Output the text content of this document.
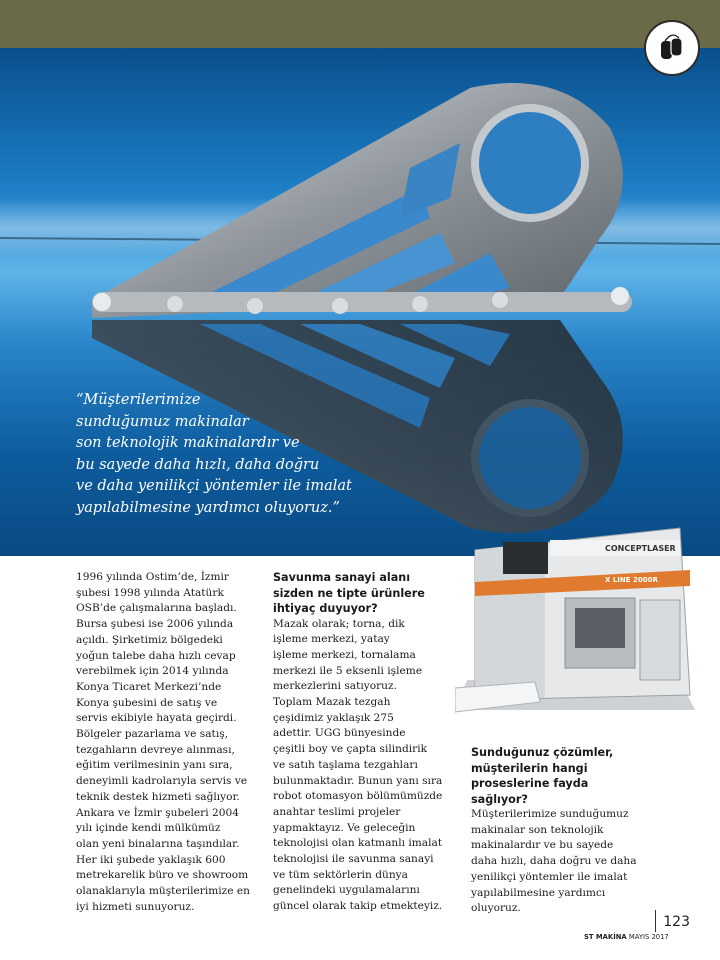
“Müşterilerimize
sunduğumuz makinalar
son teknolojik makinalardır ve
bu sayede daha hızlı, daha doğru
ve daha yenilikçi yöntemler ile imalat
yapılabilmesine yardımcı oluyoruz.”
1996 yılında Ostim’de, İzmir
şubesi 1998 yılında Atatürk
OSB’de çalışmalarına başladı.
Bursa şubesi ise 2006 yılında
açıldı. Şirketimiz bölgedeki
yoğun talebe daha hızlı cevap
verebilmek için 2014 yılında
Konya Ticaret Merkezi’nde
Konya şubesini de satış ve
servis ekibiyle hayata geçirdi.
Bölgeler pazarlama ve satış,
tezgahların devreye alınması,
eğitim verilmesinin yanı sıra,
deneyimli kadrolarıyla servis ve
teknik destek hizmeti sağlıyor.
Ankara ve İzmir şubeleri 2004
yılı içinde kendi mülkümüz
olan yeni binalarına taşındılar.
Her iki şubede yaklaşık 600
metrekarelik büro ve showroom
olanaklarıyla müşterilerimize en
iyi hizmeti sunuyoruz.
Savunma sanayi alanı
sizden ne tipte ürünlere
ihtiyaç duyuyor?
Mazak olarak; torna, dik
işleme merkezi, yatay
işleme merkezi, tornalama
merkezi ile 5 eksenli işleme
merkezlerini satıyoruz.
Toplam Mazak tezgah
çeşidimiz yaklaşık 275
adettir. UGG bünyesinde
çeşitli boy ve çapta silindirik
ve satıh taşlama tezgahları
bulunmaktadır. Bunun yanı sıra
robot otomasyon bölümümüzde
anahtar teslimi projeler
yapmaktayız. Ve geleceğin
teknolojisi olan katmanlı imalat
teknolojisi ile savunma sanayi
ve tüm sektörlerin dünya
genelindeki uygulamalarını
güncel olarak takip etmekteyiz.
CONCEPTLASER
X LINE 2000R
Sunduğunuz çözümler,
müşterilerin hangi
proseslerine fayda
sağlıyor?
Müşterilerimize sunduğumuz
makinalar son teknolojik
makinalardır ve bu sayede
daha hızlı, daha doğru ve daha
yenilikçi yöntemler ile imalat
yapılabilmesine yardımcı
oluyoruz.
123
ST MAKİNA MAYIS 2017
